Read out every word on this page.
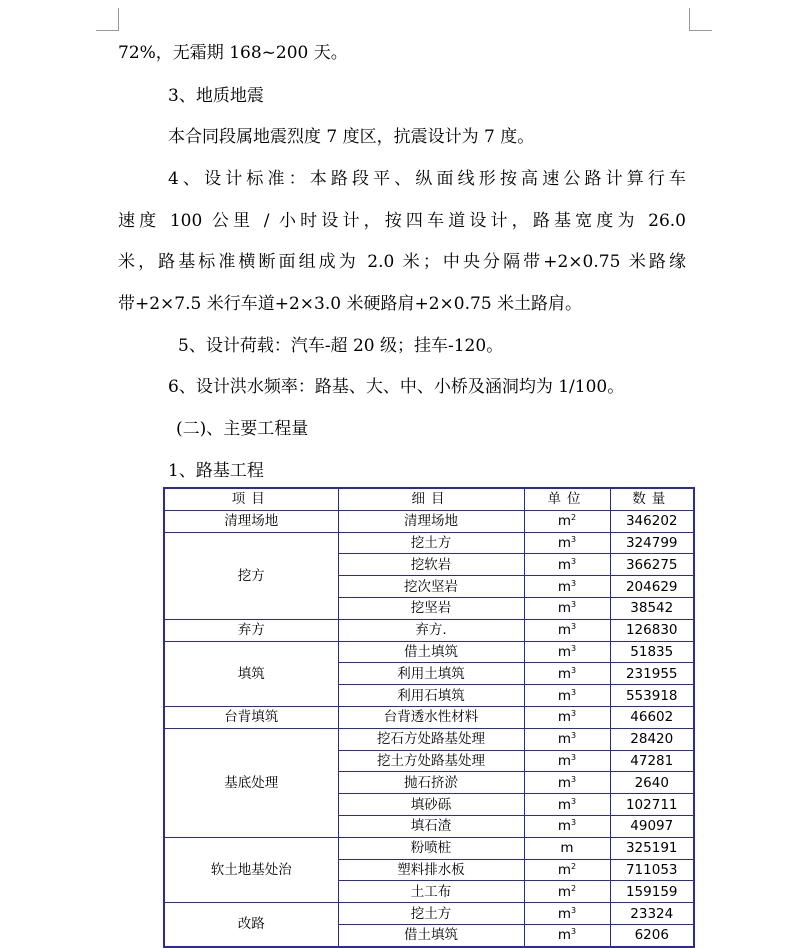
72%，无霜期 168~200 天。
3、地质地震
本合同段属地震烈度 7 度区，抗震设计为 7 度。
4、设计标准：本路段平、纵面线形按高速公路计算行车
速度 100 公里 / 小时设计，按四车道设计，路基宽度为 26.0
米，路基标准横断面组成为 2.0 米；中央分隔带+2×0.75 米路缘
带+2×7.5 米行车道+2×3.0 米硬路肩+2×0.75 米土路肩。
5、设计荷载：汽车-超 20 级；挂车-120。
6、设计洪水频率：路基、大、中、小桥及涵洞均为 1/100。
(二)、主要工程量
1、路基工程
项目	细目	单位	数量
清理场地	清理场地	$m^2$	346202
挖方	挖土方	$m^3$	324799
	挖软岩	$m^3$	366275
	挖次坚岩	$m^3$	204629
	挖坚岩	$m^3$	38542
弃方	弃方.	$m^3$	126830
填筑	借土填筑	$m^3$	51835
	利用土填筑	$m^3$	231955
	利用石填筑	$m^3$	553918
台背填筑	台背透水性材料	$m^3$	46602
基底处理	挖石方处路基处理	$m^3$	28420
	挖土方处路基处理	$m^3$	47281
	抛石挤淤	$m^3$	2640
	填砂砾	$m^3$	102711
	填石渣	$m^3$	49097
软土地基处治	粉喷桩	m	325191
	塑料排水板	$m^2$	711053
	土工布	$m^2$	159159
改路	挖土方	$m^3$	23324
	借土填筑	$m^3$	6206
